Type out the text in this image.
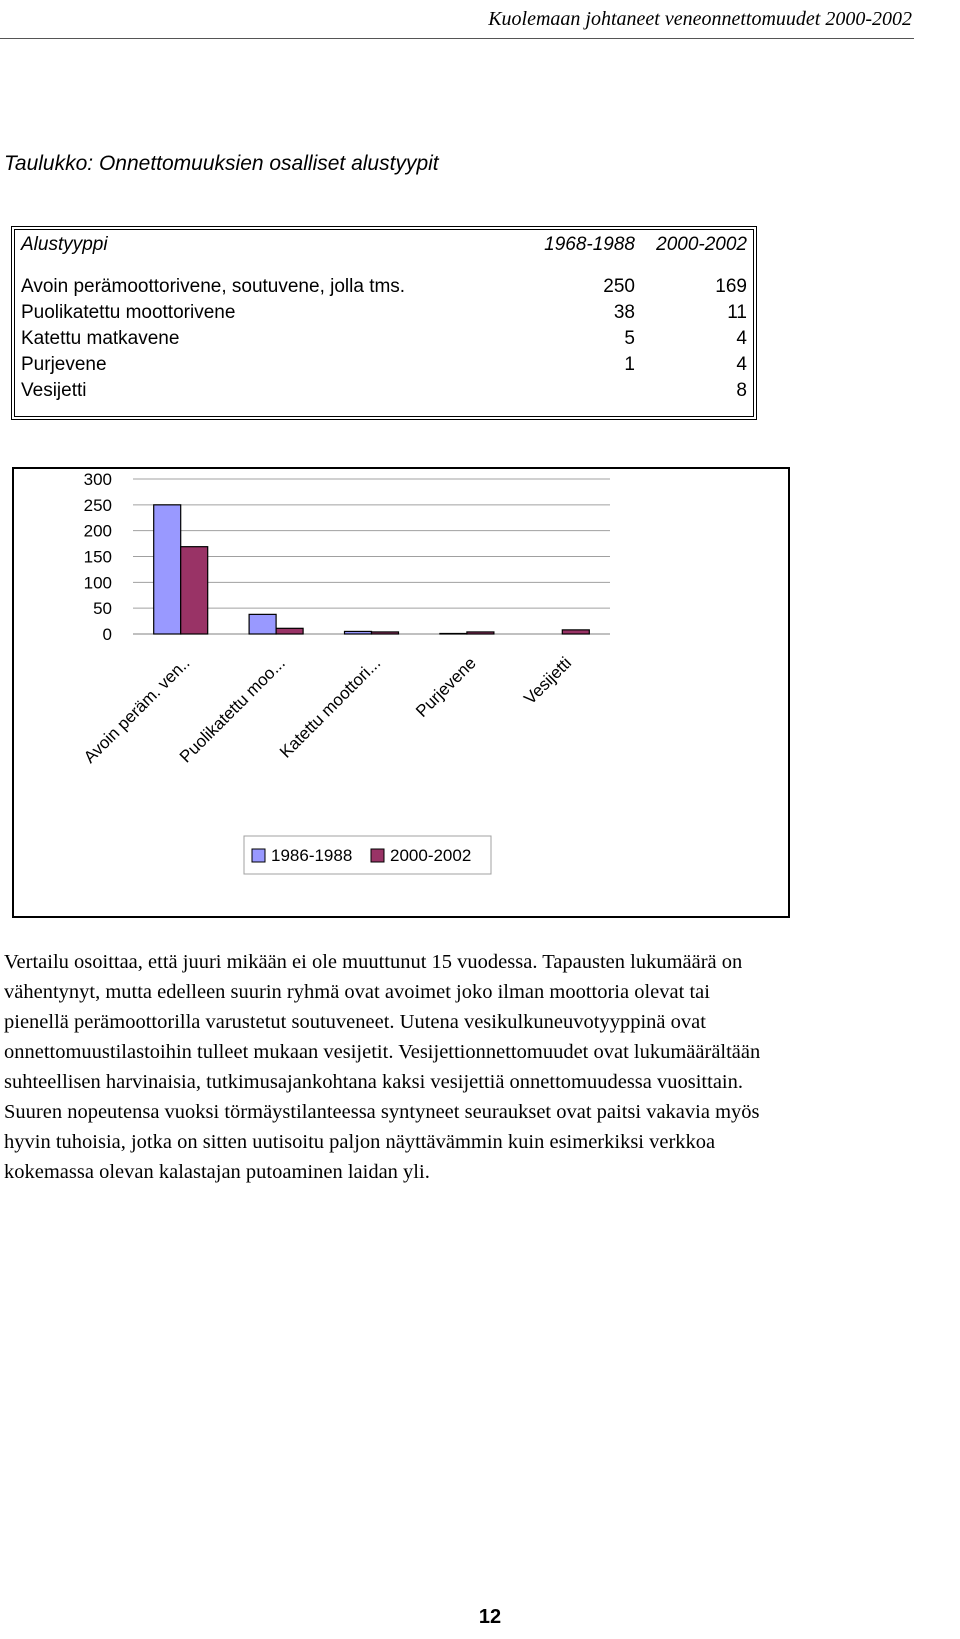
Kuolemaan johtaneet veneonnettomuudet 2000-2002
Taulukko: Onnettomuuksien osalliset alustyypit
Alustyyppi	1968-1988	2000-2002

Avoin perämoottorivene, soutuvene, jolla tms.	250	169
Puolikatettu moottorivene	38	11
Katettu matkavene	5	4
Purjevene	1	4
Vesijetti		8
300
250
200
150
100
50
0
Avoin peräm. ven..
Puolikatettu moo...
Katettu moottori... Purjevene Vesijetti
1986-1988 2000-2002
Vertailu osoittaa, että juuri mikään ei ole muuttunut 15 vuodessa. Tapausten lukumäärä on
vähentynyt, mutta edelleen suurin ryhmä ovat avoimet joko ilman moottoria olevat tai
pienellä perämoottorilla varustetut soutuveneet. Uutena vesikulkuneuvotyyppinä ovat
onnettomuustilastoihin tulleet mukaan vesijetit. Vesijettionnettomuudet ovat lukumäärältään
suhteellisen harvinaisia, tutkimusajankohtana kaksi vesijettiä onnettomuudessa vuosittain.
Suuren nopeutensa vuoksi törmäystilanteessa syntyneet seuraukset ovat paitsi vakavia myös
hyvin tuhoisia, jotka on sitten uutisoitu paljon näyttävämmin kuin esimerkiksi verkkoa
kokemassa olevan kalastajan putoaminen laidan yli.
12
